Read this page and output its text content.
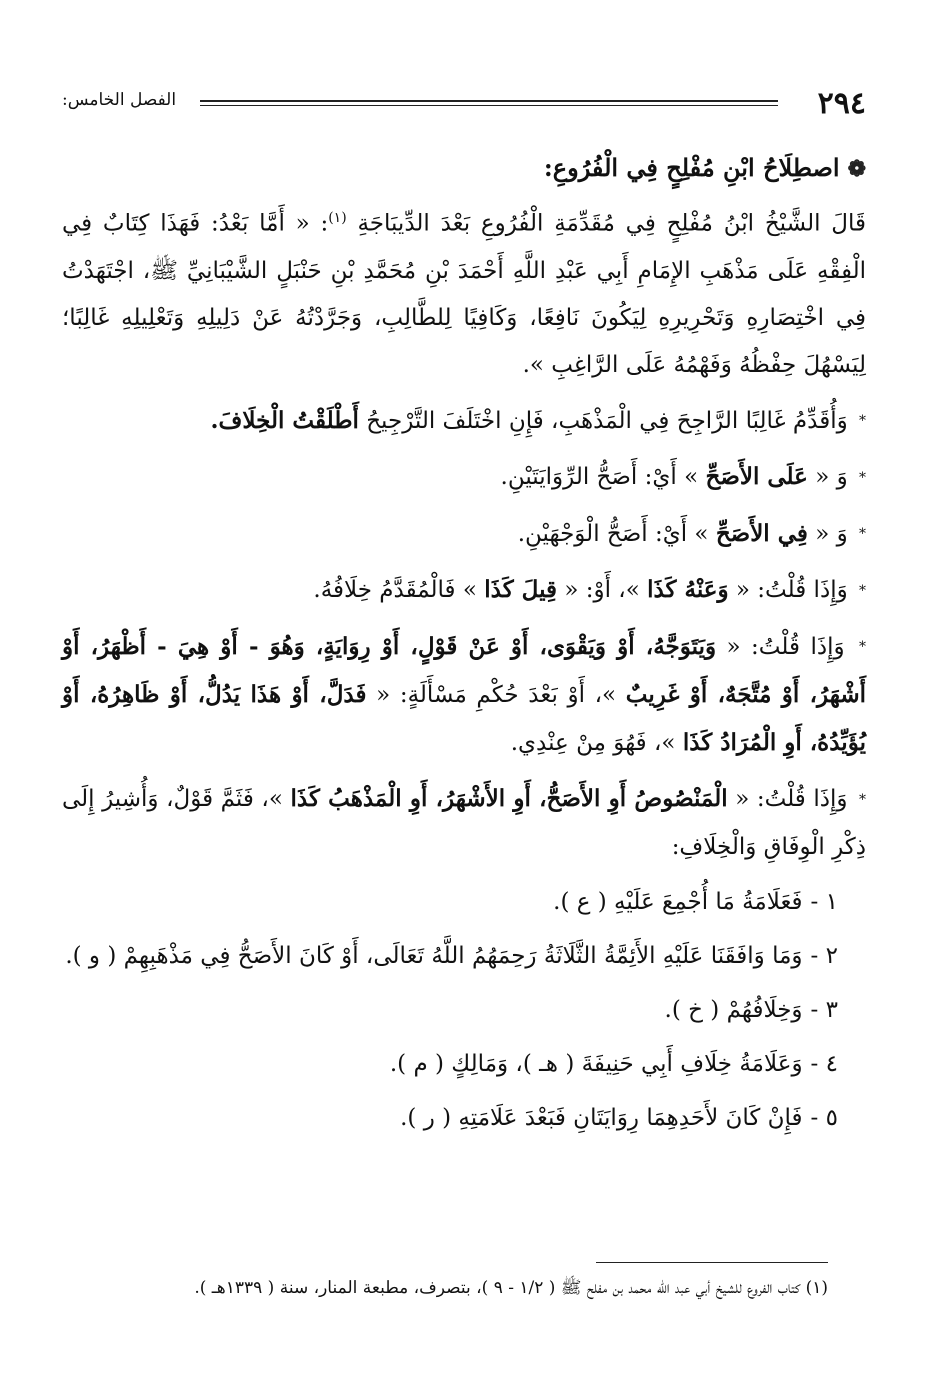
٢٩٤
الفصل الخامس:
❁اصطِلَاحُ ابْنِ مُفْلِحٍ فِي الْفُرُوعِ:

قَالَ الشَّيْخُ ابْنُ مُفْلِحٍ فِي مُقَدِّمَةِ الْفُرُوعِ بَعْدَ الدِّيبَاجَةِ $^{(١)}$: « أَمَّا بَعْدُ: فَهَذَا كِتَابٌ فِي الْفِقْهِ عَلَى مَذْهَبِ الإِمَامِ أَبِي عَبْدِ اللَّهِ أَحْمَدَ بْنِ مُحَمَّدِ بْنِ حَنْبَلٍ الشَّيْبَانِيِّ ﷺ، اجْتَهَدْتُ فِي اخْتِصَارِهِ وَتَحْرِيرِهِ لِيَكُونَ نَافِعًا، وَكَافِيًا لِلطَّالِبِ، وَجَرَّدْتُهُ عَنْ دَلِيلِهِ وَتَعْلِيلِهِ غَالِبًا؛ لِيَسْهُلَ حِفْظُهُ وَفَهْمُهُ عَلَى الرَّاغِبِ ».

* وَأُقَدِّمُ غَالِبًا الرَّاجِحَ فِي الْمَذْهَبِ، فَإِنِ اخْتَلَفَ التَّرْجِيحُ أَطْلَقْتُ الْخِلَافَ.

* وَ « عَلَى الأَصَحِّ » أَيْ: أَصَحُّ الرِّوَايَتَيْنِ.

* وَ « فِي الأَصَحِّ » أَيْ: أَصَحُّ الْوَجْهَيْنِ.

* وَإِذَا قُلْتُ: « وَعَنْهُ كَذَا »، أَوْ: « قِيلَ كَذَا » فَالْمُقَدَّمُ خِلَافُهُ.

* وَإِذَا قُلْتُ: « وَيَتَوَجَّهُ، أَوْ وَيَقْوَى، أَوْ عَنْ قَوْلٍ، أَوْ رِوَايَةٍ، وَهُوَ - أَوْ هِيَ - أَظْهَرُ، أَوْ أَشْهَرُ، أَوْ مُتَّجَهٌ، أَوْ غَرِيبٌ »، أَوْ بَعْدَ حُكْمِ مَسْأَلَةٍ: « فَدَلَّ، أَوْ هَذَا يَدُلُّ، أَوْ ظَاهِرُهُ، أَوْ يُؤَيِّدُهُ، أَوِ الْمُرَادُ كَذَا »، فَهُوَ مِنْ عِنْدِي.

* وَإِذَا قُلْتُ: « الْمَنْصُوصُ أَوِ الأَصَحُّ، أَوِ الأَشْهَرُ، أَوِ الْمَذْهَبُ كَذَا »، فَثَمَّ قَوْلٌ، وَأُشِيرُ إِلَى ذِكْرِ الْوِفَاقِ وَالْخِلَافِ:

١ -فَعَلَامَةُ مَا أُجْمِعَ عَلَيْهِ ( ع ).

٢ -وَمَا وَافَقَنَا عَلَيْهِ الأَئِمَّةُ الثَّلَاثَةُ رَحِمَهُمُ اللَّهُ تَعَالَى، أَوْ كَانَ الأَصَحُّ فِي مَذْهَبِهِمْ ( و ).

٣ -وَخِلَافُهُمْ ( خ ).

٤ -وَعَلَامَةُ خِلَافِ أَبِي حَنِيفَةَ ( هـ )، وَمَالِكٍ ( م ).

٥ -فَإِنْ كَانَ لأَحَدِهِمَا رِوَايَتَانِ فَبَعْدَ عَلَامَتِهِ ( ر ).

(١) كتاب الفروع للشيخ أبي عبد الله محمد بن مفلح ﷺ ( ١/٢ - ٩ )، بتصرف، مطبعة المنار، سنة ( ١٣٣٩هـ ).
